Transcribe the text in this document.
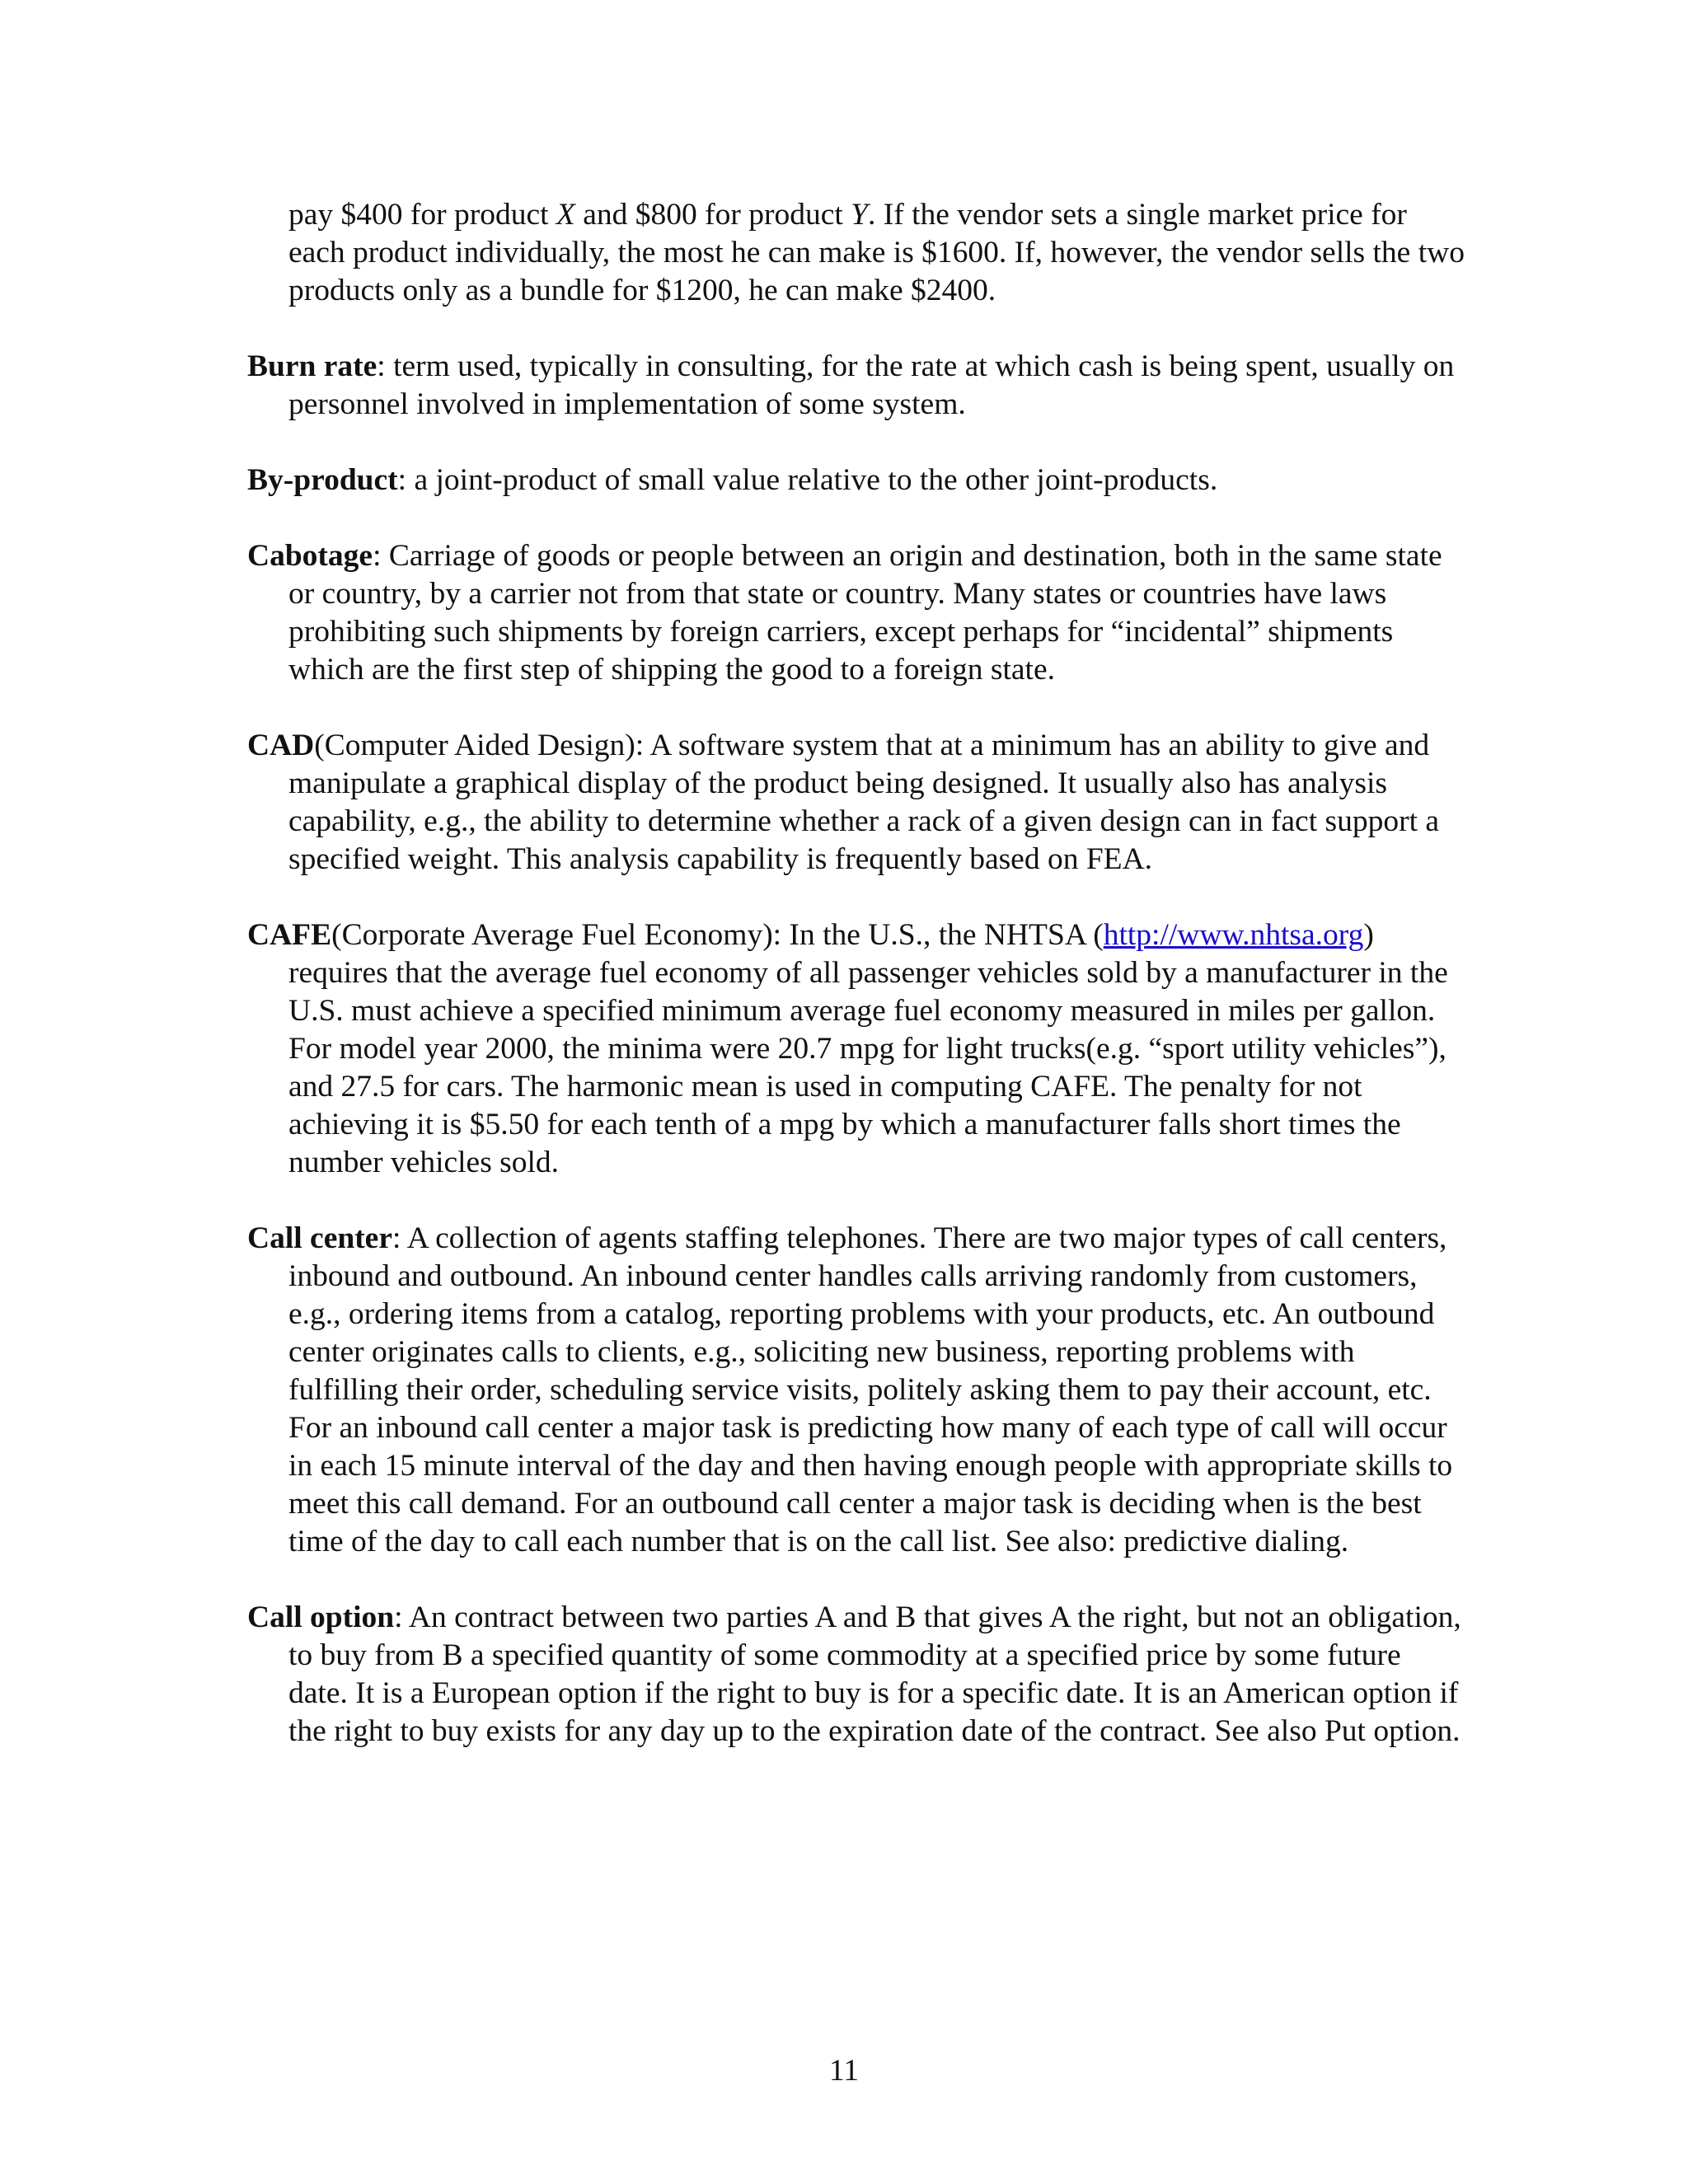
pay $400 for product X and $800 for product Y. If the vendor sets a single market price for each product individually, the most he can make is $1600. If, however, the vendor sells the two products only as a bundle for $1200, he can make $2400.

Burn rate: term used, typically in consulting, for the rate at which cash is being spent, usually on personnel involved in implementation of some system.

By-product: a joint-product of small value relative to the other joint-products.

Cabotage: Carriage of goods or people between an origin and destination, both in the same state or country, by a carrier not from that state or country. Many states or countries have laws prohibiting such shipments by foreign carriers, except perhaps for “incidental” shipments which are the first step of shipping the good to a foreign state.

CAD(Computer Aided Design): A software system that at a minimum has an ability to give and manipulate a graphical display of the product being designed. It usually also has analysis capability, e.g., the ability to determine whether a rack of a given design can in fact support a specified weight. This analysis capability is frequently based on FEA.

CAFE(Corporate Average Fuel Economy): In the U.S., the NHTSA (http://www.nhtsa.org) requires that the average fuel economy of all passenger vehicles sold by a manufacturer in the U.S. must achieve a specified minimum average fuel economy measured in miles per gallon. For model year 2000, the minima were 20.7 mpg for light trucks(e.g. “sport utility vehicles”), and 27.5 for cars. The harmonic mean is used in computing CAFE. The penalty for not achieving it is $5.50 for each tenth of a mpg by which a manufacturer falls short times the number vehicles sold.

Call center: A collection of agents staffing telephones. There are two major types of call centers, inbound and outbound. An inbound center handles calls arriving randomly from customers, e.g., ordering items from a catalog, reporting problems with your products, etc. An outbound center originates calls to clients, e.g., soliciting new business, reporting problems with fulfilling their order, scheduling service visits, politely asking them to pay their account, etc. For an inbound call center a major task is predicting how many of each type of call will occur in each 15 minute interval of the day and then having enough people with appropriate skills to meet this call demand. For an outbound call center a major task is deciding when is the best time of the day to call each number that is on the call list. See also: predictive dialing.

Call option: An contract between two parties A and B that gives A the right, but not an obligation, to buy from B a specified quantity of some commodity at a specified price by some future date. It is a European option if the right to buy is for a specific date. It is an American option if the right to buy exists for any day up to the expiration date of the contract. See also Put option.

11
